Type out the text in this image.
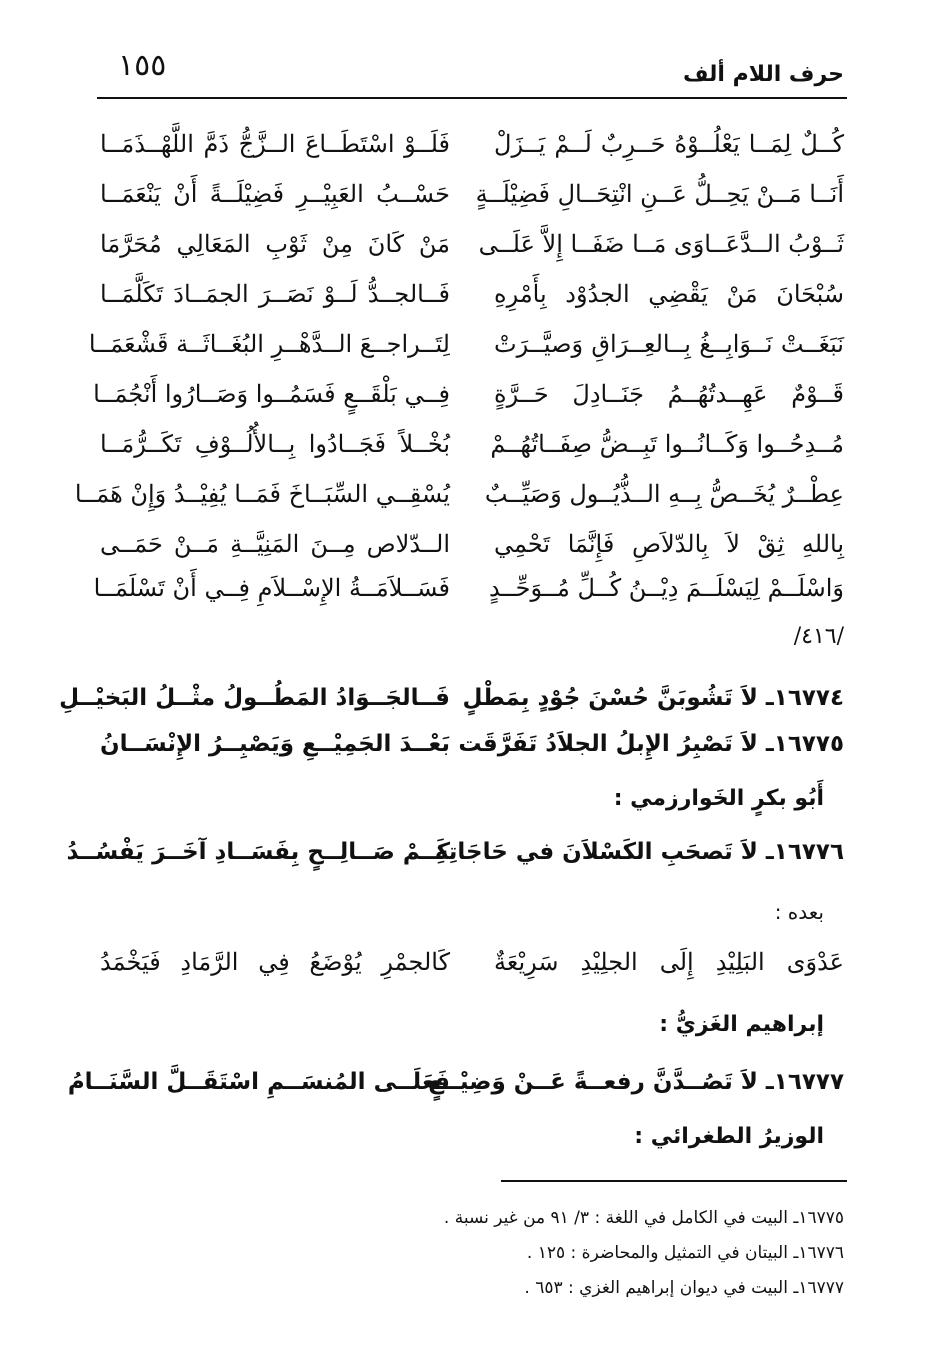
١٥٥	حرف اللام ألف
كُــلٌ لِمَــا يَعْلُــوْهُ حَــرِبٌ لَــمْ يَــزَلْ
فَلَــوْ اسْتَطَــاعَ الــزَّجُّ ذَمَّ اللَّهْــذَمَــا
أَنَــا مَــنْ يَحِــلُّ عَــنِ انْتِحَــالِ فَضِيْلَــةٍ
حَسْــبُ العَبِيْــرِ فَضِيْلَــةً أَنْ يَنْعَمَــا
ثَــوْبُ الــدَّعَــاوَى مَــا ضَفَــا إِلاَّ عَلَــى
مَنْ كَانَ مِنْ ثَوْبِ المَعَالِي مُحَرَّمَا
سُبْحَانَ مَنْ يَقْضِي الجدُوْد بِأَمْرِهِ
فَــالجــدُّ لَــوْ نَصَــرَ الجمَــادَ تَكَلَّمَــا
نَبَغَــتْ نَــوَابِــغُ بِــالعِــرَاقِ وَصيَّــرَتْ
لِتَــراجــعَ الــدَّهْــرِ البُغَــاثَــة قَشْعَمَــا
قَــوْمٌ عَهِــدتُهُــمُ جَنَــادِلَ حَــرَّةٍ
فِــي بَلْقَــعٍ فَسَمُــوا وَصَــارُوا أَنْجُمَــا
مُــدِحُــوا وَكَــانُــوا تَبِــضُّ صِفَــاتُهُــمْ
بُخْــلاً فَجَــادُوا بِــالأُلُــوْفِ تَكَــرُّمَــا
عِطْــرٌ يُخَــصُّ بِــهِ الــذُّيُــول وَصَيِّــبٌ
يُسْقِــي السِّبَــاخَ فَمَــا يُفِيْــدُ وَإِنْ هَمَــا
بِاللهِ ثِقْ لاَ بِالدّلاَصِ فَإِنَّمَا تَحْمِي
الــدّلاص مِــنَ المَنِيَّــةِ مَــنْ حَمَــى
وَاسْلَــمْ لِيَسْلَــمَ دِيْــنُ كُــلِّ مُــوَحِّــدٍ
فَسَــلاَمَــةُ الإِسْــلاَمِ فِــي أَنْ تَسْلَمَــا
/٤١٦/
١٦٧٧٤ـ لاَ تَشُوبَنَّ حُسْنَ جُوْدٍ بِمَطْلٍ
فَــالجَــوَادُ المَطُــولُ مثْــلُ البَخيْــلِ
١٦٧٧٥ـ لاَ تَصْبِرُ الإِبلُ الجلاَدُ تَفَرَّقَت
بَعْــدَ الجَمِيْــعِ وَيَصْبِــرُ الإِنْسَــانُ
أَبُو بكرٍ الخَوارزمي :
١٦٧٧٦ـ لاَ تَصحَبِ الكَسْلاَنَ في حَاجَاتِهِ
كَــمْ صَــالِــحٍ بِفَسَــادِ آخَــرَ يَفْسُــدُ
بعده :
عَدْوَى البَلِيْدِ إِلَى الجلِيْدِ سَرِيْعَةٌ
كَالجمْرِ يُوْضَعُ فِي الرَّمَادِ فَيَخْمَدُ
إبراهيم الغَزيُّ :
١٦٧٧٧ـ لاَ تَصُــدَّنَّ رفعــةً عَــنْ وَضِيْــعٍ
فَعَلَــى المُنسَــمِ اسْتَقَــلَّ السَّنَــامُ
الوزيرُ الطغرائي :
١٦٧٧٥ـ البيت في الكامل في اللغة : ٣/ ٩١ من غير نسبة .
١٦٧٧٦ـ البيتان في التمثيل والمحاضرة : ١٢٥ .
١٦٧٧٧ـ البيت في ديوان إبراهيم الغزي : ٦٥٣ .
